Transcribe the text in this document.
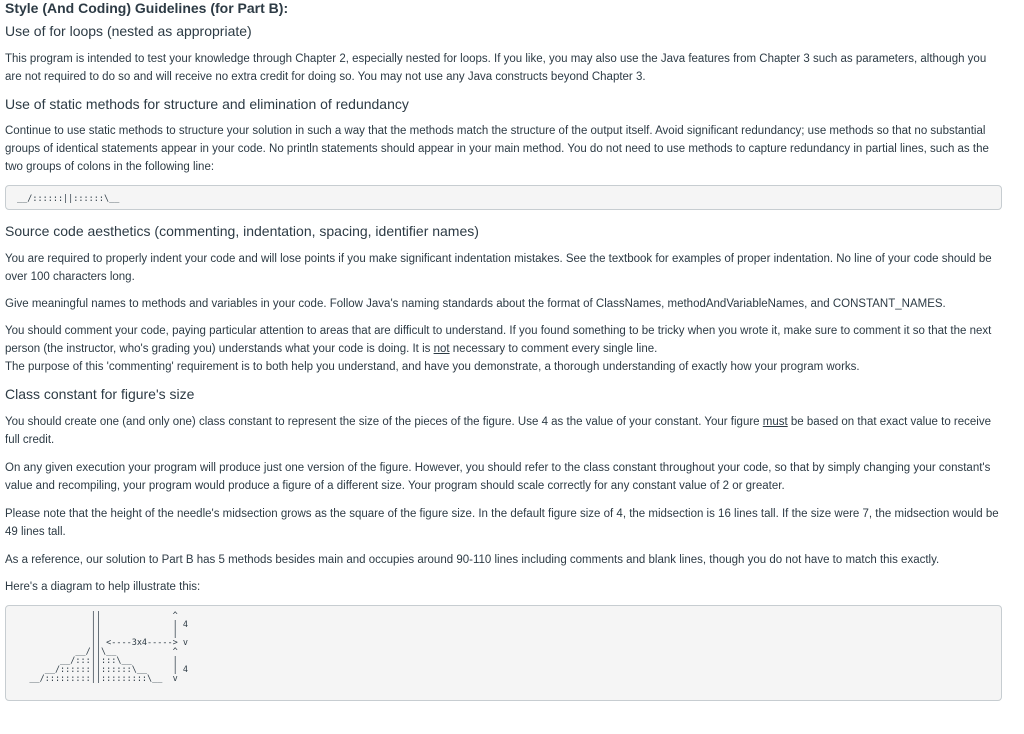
Style (And Coding) Guidelines (for Part B):
Use of for loops (nested as appropriate)

This program is intended to test your knowledge through Chapter 2, especially nested for loops. If you like, you may also use the Java features from Chapter 3 such as parameters, although you are not required to do so and will receive no extra credit for doing so. You may not use any Java constructs beyond Chapter 3.

Use of static methods for structure and elimination of redundancy

Continue to use static methods to structure your solution in such a way that the methods match the structure of the output itself. Avoid significant redundancy; use methods so that no substantial groups of identical statements appear in your code. No println statements should appear in your main method. You do not need to use methods to capture redundancy in partial lines, such as the two groups of colons in the following line:

__/::::::||::::::\__
Source code aesthetics (commenting, indentation, spacing, identifier names)

You are required to properly indent your code and will lose points if you make significant indentation mistakes. See the textbook for examples of proper indentation. No line of your code should be over 100 characters long.

Give meaningful names to methods and variables in your code. Follow Java's naming standards about the format of ClassNames, methodAndVariableNames, and CONSTANT_NAMES.

You should comment your code, paying particular attention to areas that are difficult to understand. If you found something to be tricky when you wrote it, make sure to comment it so that the next person (the instructor, who's grading you) understands what your code is doing. It is not necessary to comment every single line.

The purpose of this 'commenting' requirement is to both help you understand, and have you demonstrate, a thorough understanding of exactly how your program works.

Class constant for figure's size

You should create one (and only one) class constant to represent the size of the pieces of the figure. Use 4 as the value of your constant. Your figure must be based on that exact value to receive full credit.

On any given execution your program will produce just one version of the figure. However, you should refer to the class constant throughout your code, so that by simply changing your constant's value and recompiling, your program would produce a figure of a different size. Your program should scale correctly for any constant value of 2 or greater.

Please note that the height of the needle's midsection grows as the square of the figure size. In the default figure size of 4, the midsection is 16 lines tall. If the size were 7, the midsection would be 49 lines tall.

As a reference, our solution to Part B has 5 methods besides main and occupies around 90-110 lines including comments and blank lines, though you do not have to match this exactly.

Here's a diagram to help illustrate this:

||              ^
||              | 4
||              |
|| <----3x4-----> v
__/||\__           ^
__/:::||:::\__        |
__/::::::||::::::\__     | 4
__/:::::::::||:::::::::\__  v
